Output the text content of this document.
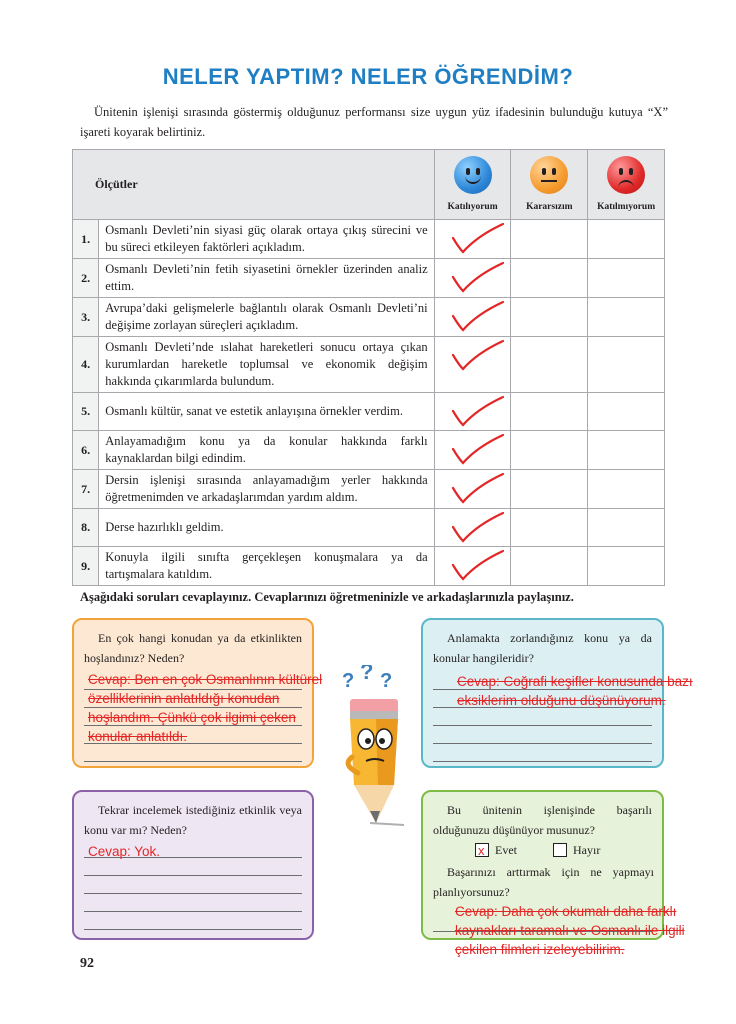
NELER YAPTIM? NELER ÖĞRENDİM?

Ünitenin işlenişi sırasında göstermiş olduğunuz performansı size uygun yüz ifadesinin bulunduğu kutuya “X” işareti koyarak belirtiniz.

Ölçütler		Katılıyorum	Kararsızım	Katılmıyorum
1.	Osmanlı Devleti’nin siyasi güç olarak ortaya çıkış sürecini ve bu süreci etkileyen faktörleri açıkladım.	

2.	Osmanlı Devleti’nin fetih siyasetini örnekler üzerinden analiz ettim.	

3.	Avrupa’daki gelişmelerle bağlantılı olarak Osmanlı Devleti’ni değişime zorlayan süreçleri açıkladım.	

4.	Osmanlı Devleti’nde ıslahat hareketleri sonucu ortaya çıkan kurumlardan hareketle toplumsal ve ekonomik değişim hakkında çıkarımlarda bulundum.	

5.	Osmanlı kültür, sanat ve estetik anlayışına örnekler verdim.	

6.	Anlayamadığım konu ya da konular hakkında farklı kaynaklardan bilgi edindim.	

7.	Dersin işlenişi sırasında anlayamadığım yerler hakkında öğretmenimden ve arkadaşlarımdan yardım aldım.	

8.	Derse hazırlıklı geldim.	

9.	Konuyla ilgili sınıfta gerçekleşen konuşmalara ya da tartışmalara katıldım.	

Aşağıdaki soruları cevaplayınız. Cevaplarınızı öğretmeninizle ve arkadaşlarınızla paylaşınız.

En çok hangi konudan ya da etkinlikten hoşlandınız? Neden?

Cevap: Ben en çok Osmanlının kültürel
özelliklerinin anlatıldığı konudan
hoşlandım. Çünkü çok ilgimi çeken
konular anlatıldı.

Anlamakta zorlandığınız konu ya da konular hangileridir?

Cevap: Coğrafi keşifler konusunda bazı
eksiklerim olduğunu düşünüyorum.

Tekrar incelemek istediğiniz etkinlik veya konu var mı? Neden?

Cevap: Yok.

Bu ünitenin işlenişinde başarılı olduğunuzu düşünüyor musunuz?

x Evet	Hayır

Başarınızı arttırmak için ne yapmayı planlıyorsunuz?

Cevap: Daha çok okumalı daha farklı
kaynakları taramalı ve Osmanlı ile ilgili
çekilen filmleri izeleyebilirim.
? ? ?
92
